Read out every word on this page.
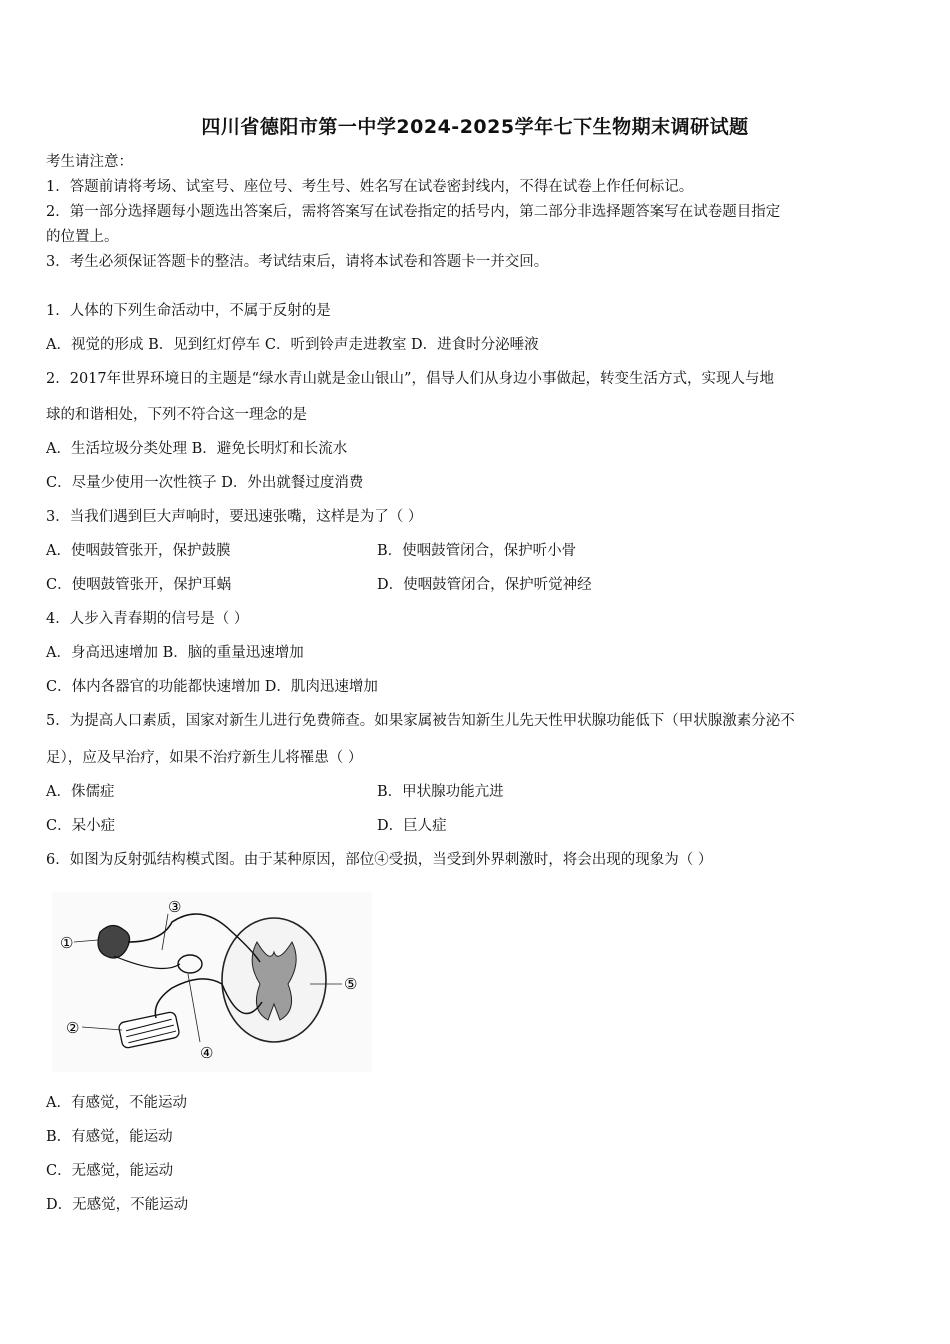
四川省德阳市第一中学2024-2025学年七下生物期末调研试题
考生请注意：
1．答题前请将考场、试室号、座位号、考生号、姓名写在试卷密封线内，不得在试卷上作任何标记。
2．第一部分选择题每小题选出答案后，需将答案写在试卷指定的括号内，第二部分非选择题答案写在试卷题目指定
的位置上。
3．考生必须保证答题卡的整洁。考试结束后，请将本试卷和答题卡一并交回。
1．人体的下列生命活动中，不属于反射的是
A．视觉的形成 B．见到红灯停车 C．听到铃声走进教室 D．进食时分泌唾液
2．2017年世界环境日的主题是“绿水青山就是金山银山”，倡导人们从身边小事做起，转变生活方式，实现人与地
球的和谐相处，下列不符合这一理念的是
A．生活垃圾分类处理 B．避免长明灯和长流水
C．尽量少使用一次性筷子 D．外出就餐过度消费
3．当我们遇到巨大声响时，要迅速张嘴，这样是为了（ ）
A．使咽鼓管张开，保护鼓膜	B．使咽鼓管闭合，保护听小骨
C．使咽鼓管张开，保护耳蜗	D．使咽鼓管闭合，保护听觉神经
4．人步入青春期的信号是（ ）
A．身高迅速增加 B．脑的重量迅速增加
C．体内各器官的功能都快速增加 D．肌肉迅速增加
5．为提高人口素质，国家对新生儿进行免费筛查。如果家属被告知新生儿先天性甲状腺功能低下（甲状腺激素分泌不
足），应及早治疗，如果不治疗新生儿将罹患（ ）
A．侏儒症	B．甲状腺功能亢进
C．呆小症	D．巨人症
6．如图为反射弧结构模式图。由于某种原因，部位④受损，当受到外界刺激时，将会出现的现象为（ ）
①
②
③
④
⑤
A．有感觉，不能运动
B．有感觉，能运动
C．无感觉，能运动
D．无感觉，不能运动
